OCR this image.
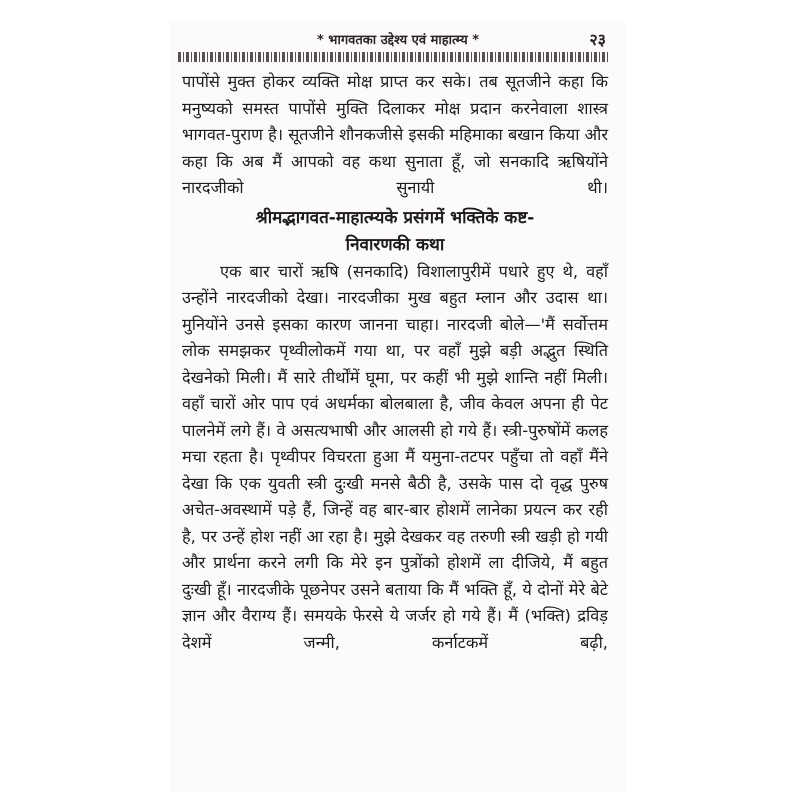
* भागवतका उद्देश्य एवं माहात्म्य *	२३

पापोंसे मुक्त होकर व्यक्ति मोक्ष प्राप्त कर सके। तब सूतजीने कहा कि मनुष्यको समस्त पापोंसे मुक्ति दिलाकर मोक्ष प्रदान करनेवाला शास्त्र भागवत-पुराण है। सूतजीने शौनकजीसे इसकी महिमाका बखान किया और कहा कि अब मैं आपको वह कथा सुनाता हूँ, जो सनकादि ऋषियोंने नारदजीको सुनायी थी।

श्रीमद्भागवत-माहात्म्यके प्रसंगमें भक्तिके कष्ट-
निवारणकी कथा

एक बार चारों ऋषि (सनकादि) विशालापुरीमें पधारे हुए थे, वहाँ उन्होंने नारदजीको देखा। नारदजीका मुख बहुत म्लान और उदास था। मुनियोंने उनसे इसका कारण जानना चाहा। नारदजी बोले—'मैं सर्वोत्तम लोक समझकर पृथ्वीलोकमें गया था, पर वहाँ मुझे बड़ी अद्भुत स्थिति देखनेको मिली। मैं सारे तीर्थोंमें घूमा, पर कहीं भी मुझे शान्ति नहीं मिली। वहाँ चारों ओर पाप एवं अधर्मका बोलबाला है, जीव केवल अपना ही पेट पालनेमें लगे हैं। वे असत्यभाषी और आलसी हो गये हैं। स्त्री-पुरुषोंमें कलह मचा रहता है। पृथ्वीपर विचरता हुआ मैं यमुना-तटपर पहुँचा तो वहाँ मैंने देखा कि एक युवती स्त्री दुःखी मनसे बैठी है, उसके पास दो वृद्ध पुरुष अचेत-अवस्थामें पड़े हैं, जिन्हें वह बार-बार होशमें लानेका प्रयत्न कर रही है, पर उन्हें होश नहीं आ रहा है। मुझे देखकर वह तरुणी स्त्री खड़ी हो गयी और प्रार्थना करने लगी कि मेरे इन पुत्रोंको होशमें ला दीजिये, मैं बहुत दुःखी हूँ। नारदजीके पूछनेपर उसने बताया कि मैं भक्ति हूँ, ये दोनों मेरे बेटे ज्ञान और वैराग्य हैं। समयके फेरसे ये जर्जर हो गये हैं। मैं (भक्ति) द्रविड़ देशमें जन्मी, कर्नाटकमें बढ़ी,
